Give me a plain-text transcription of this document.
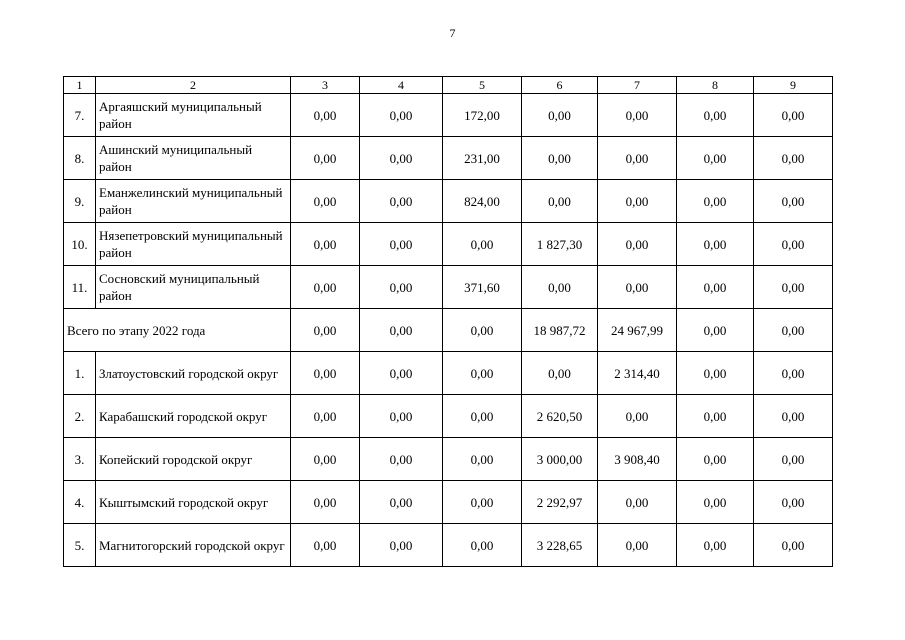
7
1	2	3	4	5	6	7	8	9
7.	Аргаяшский муниципальный район	0,00	0,00	172,00	0,00	0,00	0,00	0,00
8.	Ашинский муниципальный район	0,00	0,00	231,00	0,00	0,00	0,00	0,00
9.	Еманжелинский муниципальный район	0,00	0,00	824,00	0,00	0,00	0,00	0,00
10.	Нязепетровский муниципальный район	0,00	0,00	0,00	1 827,30	0,00	0,00	0,00
11.	Сосновский муниципальный район	0,00	0,00	371,60	0,00	0,00	0,00	0,00
Всего по этапу 2022 года		0,00	0,00	0,00	18 987,72	24 967,99	0,00	0,00
1.	Златоустовский городской округ	0,00	0,00	0,00	0,00	2 314,40	0,00	0,00
2.	Карабашский городской округ	0,00	0,00	0,00	2 620,50	0,00	0,00	0,00
3.	Копейский городской округ	0,00	0,00	0,00	3 000,00	3 908,40	0,00	0,00
4.	Кыштымский городской округ	0,00	0,00	0,00	2 292,97	0,00	0,00	0,00
5.	Магнитогорский городской округ	0,00	0,00	0,00	3 228,65	0,00	0,00	0,00
